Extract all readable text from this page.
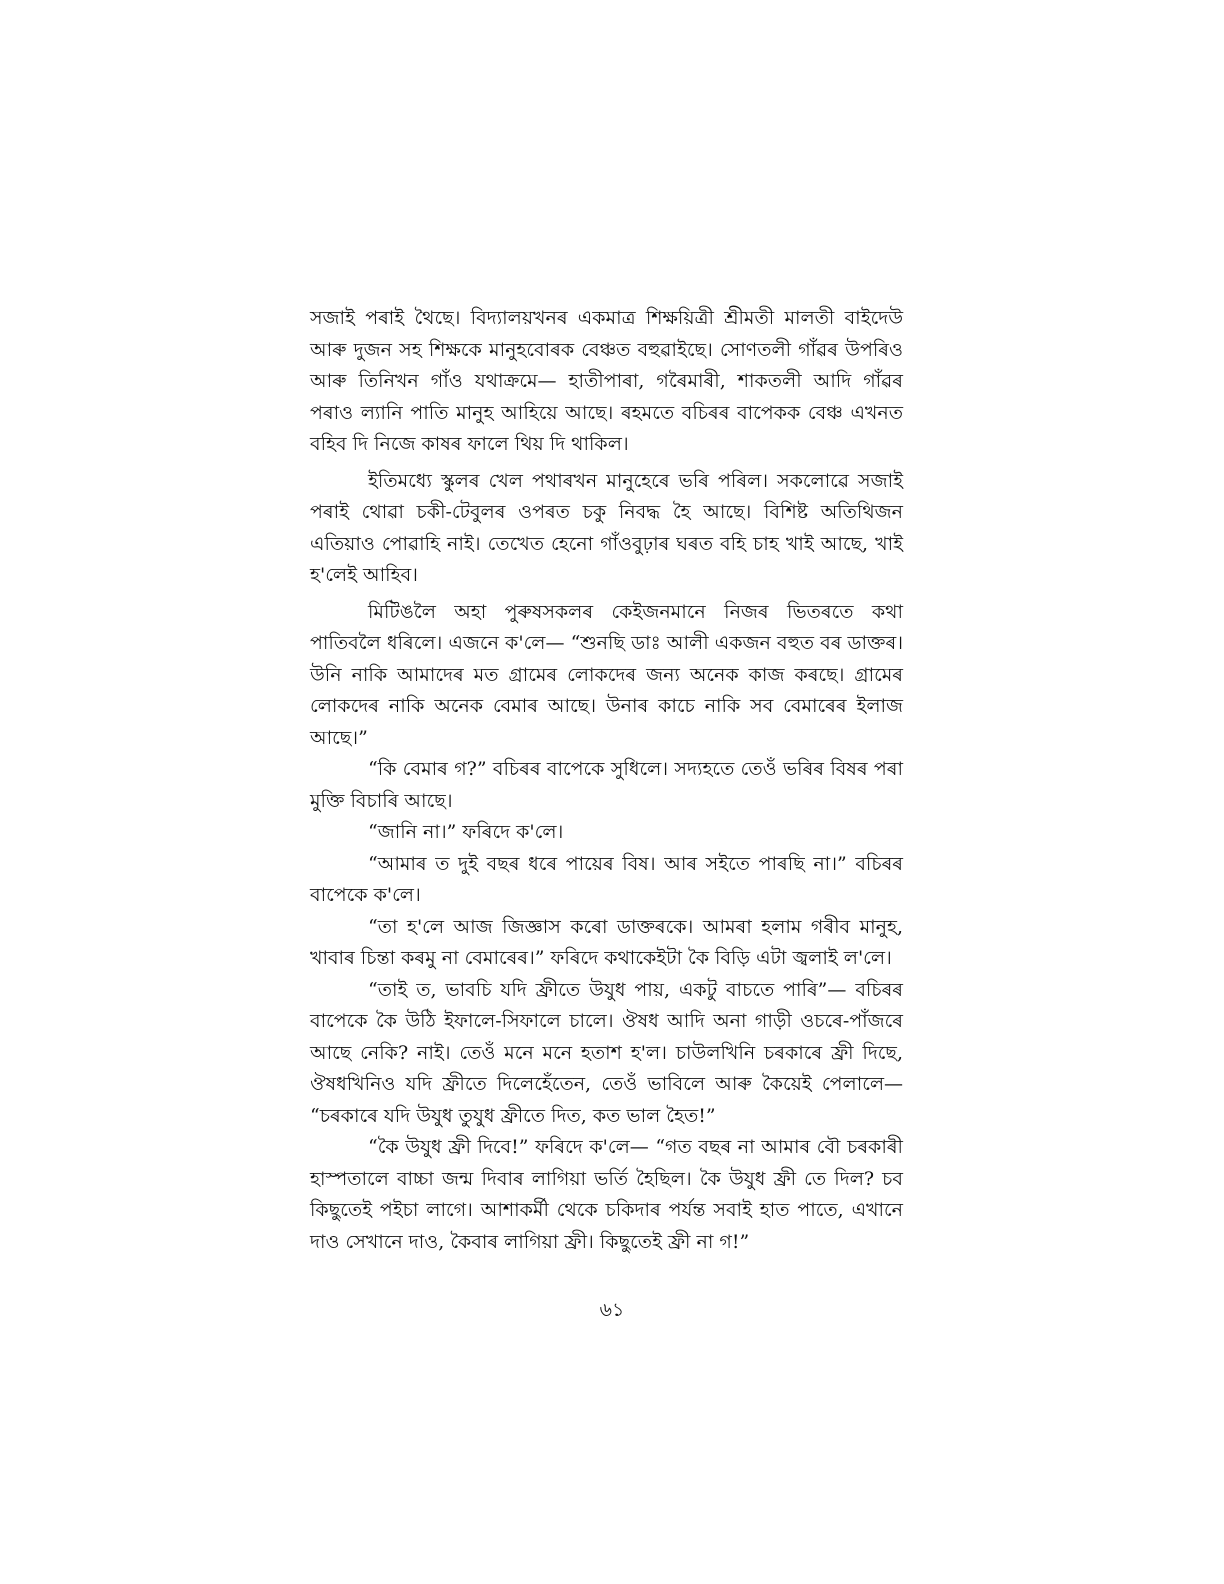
সজাই পৰাই থৈছে। বিদ্যালয়খনৰ একমাত্ৰ শিক্ষয়িত্ৰী শ্ৰীমতী মালতী বাইদেউ আৰু দুজন সহ শিক্ষকে মানুহবোৰক বেঞ্চত বহুৱাইছে। সোণতলী গাঁৱৰ উপৰিও আৰু তিনিখন গাঁও যথাক্ৰমে— হাতীপাৰা, গৰৈমাৰী, শাকতলী আদি গাঁৱৰ পৰাও ল্যানি পাতি মানুহ আহিয়ে আছে। ৰহমতে বচিৰৰ বাপেকক বেঞ্চ এখনত বহিব দি নিজে কাষৰ ফালে থিয় দি থাকিল।

ইতিমধ্যে স্কুলৰ খেল পথাৰখন মানুহেৰে ভৰি পৰিল। সকলোৱে সজাই পৰাই থোৱা চকী-টেবুলৰ ওপৰত চকু নিবদ্ধ হৈ আছে। বিশিষ্ট অতিথিজন এতিয়াও পোৱাহি নাই। তেখেত হেনো গাঁওবুঢ়াৰ ঘৰত বহি চাহ খাই আছে, খাই হ'লেই আহিব।

মিটিঙলৈ অহা পুৰুষসকলৰ কেইজনমানে নিজৰ ভিতৰতে কথা পাতিবলৈ ধৰিলে। এজনে ক'লে— “শুনছি ডাঃ আলী একজন বহুত বৰ ডাক্তৰ। উনি নাকি আমাদেৰ মত গ্ৰামেৰ লোকদেৰ জন্য অনেক কাজ কৰছে। গ্ৰামেৰ লোকদেৰ নাকি অনেক বেমাৰ আছে। উনাৰ কাচে নাকি সব বেমাৰেৰ ইলাজ আছে।”

“কি বেমাৰ গ?” বচিৰৰ বাপেকে সুধিলে। সদ্যহতে তেওঁ ভৰিৰ বিষৰ পৰা মুক্তি বিচাৰি আছে।

“জানি না।” ফৰিদে ক'লে।

“আমাৰ ত দুই বছৰ ধৰে পায়েৰ বিষ। আৰ সইতে পাৰছি না।” বচিৰৰ বাপেকে ক'লে।

“তা হ'লে আজ জিজ্ঞাস কৰো ডাক্তৰকে। আমৰা হলাম গৰীব মানুহ, খাবাৰ চিন্তা কৰমু না বেমাৰেৰ।” ফৰিদে কথাকেইটা কৈ বিড়ি এটা জ্বলাই ল'লে।

“তাই ত, ভাবচি যদি ফ্ৰীতে উযুধ পায়, একটু বাচতে পাৰি”— বচিৰৰ বাপেকে কৈ উঠি ইফালে-সিফালে চালে। ঔষধ আদি অনা গাড়ী ওচৰে-পাঁজৰে আছে নেকি? নাই। তেওঁ মনে মনে হতাশ হ'ল। চাউলখিনি চৰকাৰে ফ্ৰী দিছে, ঔষধখিনিও যদি ফ্ৰীতে দিলেহেঁতেন, তেওঁ ভাবিলে আৰু কৈয়েই পেলালে— “চৰকাৰে যদি উযুধ তুযুধ ফ্ৰীতে দিত, কত ভাল হৈত!”

“কৈ উযুধ ফ্ৰী দিবে!” ফৰিদে ক'লে— “গত বছৰ না আমাৰ বৌ চৰকাৰী হাস্পতালে বাচ্চা জন্ম দিবাৰ লাগিয়া ভৰ্তি হৈছিল। কৈ উযুধ ফ্ৰী তে দিল? চব কিছুতেই পইচা লাগে। আশাকৰ্মী থেকে চকিদাৰ পৰ্যন্ত সবাই হাত পাতে, এখানে দাও সেখানে দাও, কৈবাৰ লাগিয়া ফ্ৰী। কিছুতেই ফ্ৰী না গ!”

৬১
